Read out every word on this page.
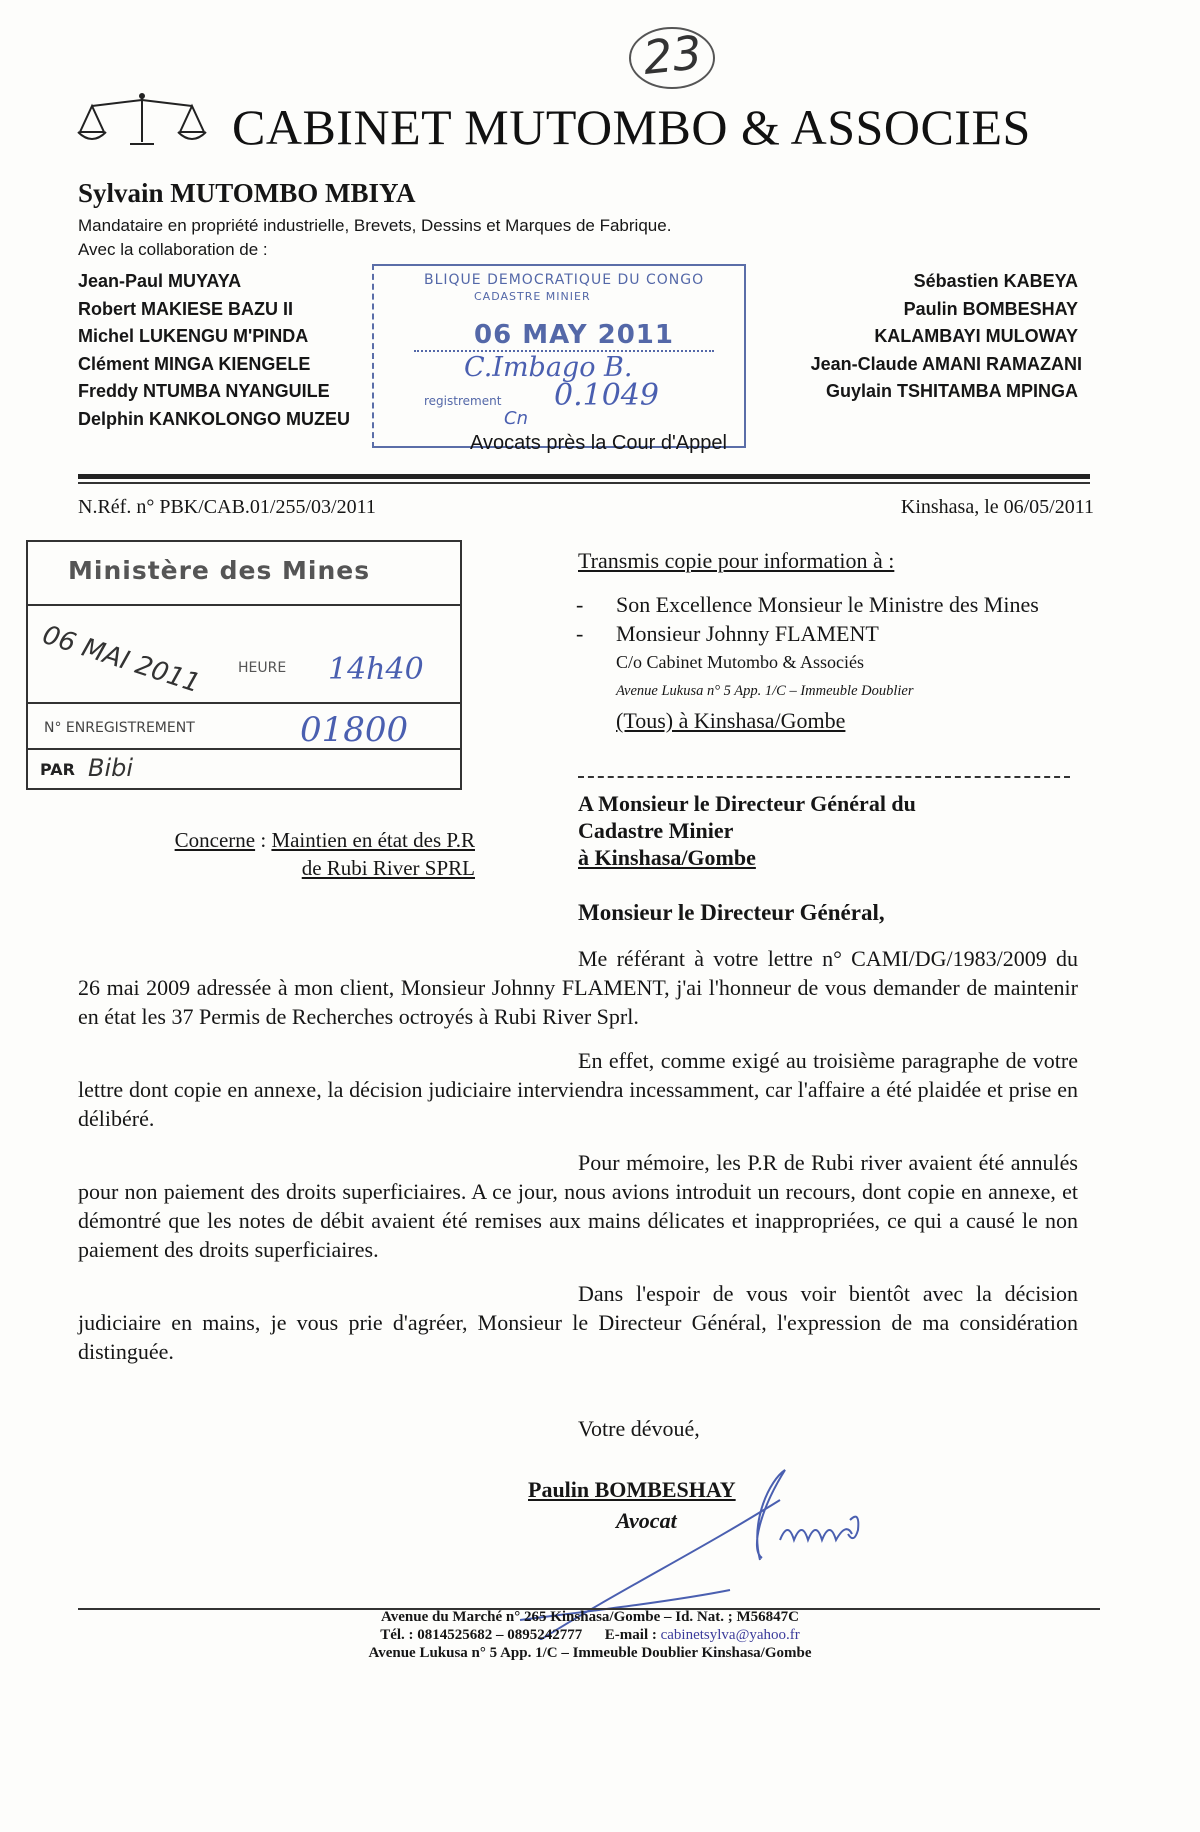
23
CABINET MUTOMBO & ASSOCIES
Sylvain MUTOMBO MBIYA
Mandataire en propriété industrielle, Brevets, Dessins et Marques de Fabrique.
Avec la collaboration de :
Jean-Paul MUYAYA
Robert MAKIESE BAZU II
Michel LUKENGU M'PINDA
Clément MINGA KIENGELE
Freddy NTUMBA NYANGUILE
Delphin KANKOLONGO MUZEU
Sébastien KABEYA
Paulin BOMBESHAY
KALAMBAYI MULOWAY
Jean-Claude AMANI RAMAZANI
Guylain TSHITAMBA MPINGA
BLIQUE DEMOCRATIQUE DU CONGO
CADASTRE MINIER
06 MAY 2011
C.Imbago B.
registrement 0.1049
Cn
Avocats près la Cour d'Appel
N.Réf. n° PBK/CAB.01/255/03/2011	Kinshasa, le 06/05/2011
Ministère des Mines
06 MAI 2011 HEURE 14h40
N° ENREGISTREMENT	01800
PAR Bibi
Transmis copie pour information à :
-	Son Excellence Monsieur le Ministre des Mines
-	Monsieur Johnny FLAMENT
C/o Cabinet Mutombo & Associés
Avenue Lukusa n° 5 App. 1/C – Immeuble Doublier
(Tous) à Kinshasa/Gombe
A Monsieur le Directeur Général du
Cadastre Minier
à Kinshasa/Gombe
Concerne : Maintien en état des P.R
de Rubi River SPRL
Monsieur le Directeur Général,

Me référant à votre lettre n° CAMI/DG/1983/2009 du 26 mai 2009 adressée à mon client, Monsieur Johnny FLAMENT, j'ai l'honneur de vous demander de maintenir en état les 37 Permis de Recherches octroyés à Rubi River Sprl.

En effet, comme exigé au troisième paragraphe de votre lettre dont copie en annexe, la décision judiciaire interviendra incessamment, car l'affaire a été plaidée et prise en délibéré.

Pour mémoire, les P.R de Rubi river avaient été annulés pour non paiement des droits superficiaires. A ce jour, nous avions introduit un recours, dont copie en annexe, et démontré que les notes de débit avaient été remises aux mains délicates et inappropriées, ce qui a causé le non paiement des droits superficiaires.

Dans l'espoir de vous voir bientôt avec la décision judiciaire en mains, je vous prie d'agréer, Monsieur le Directeur Général, l'expression de ma considération distinguée.

Votre dévoué,
Paulin BOMBESHAY
Avocat
Avenue du Marché n° 265 Kinshasa/Gombe – Id. Nat. ; M56847C
Tél. : 0814525682 – 0895242777 E-mail : cabinetsylva@yahoo.fr
Avenue Lukusa n° 5 App. 1/C – Immeuble Doublier Kinshasa/Gombe
